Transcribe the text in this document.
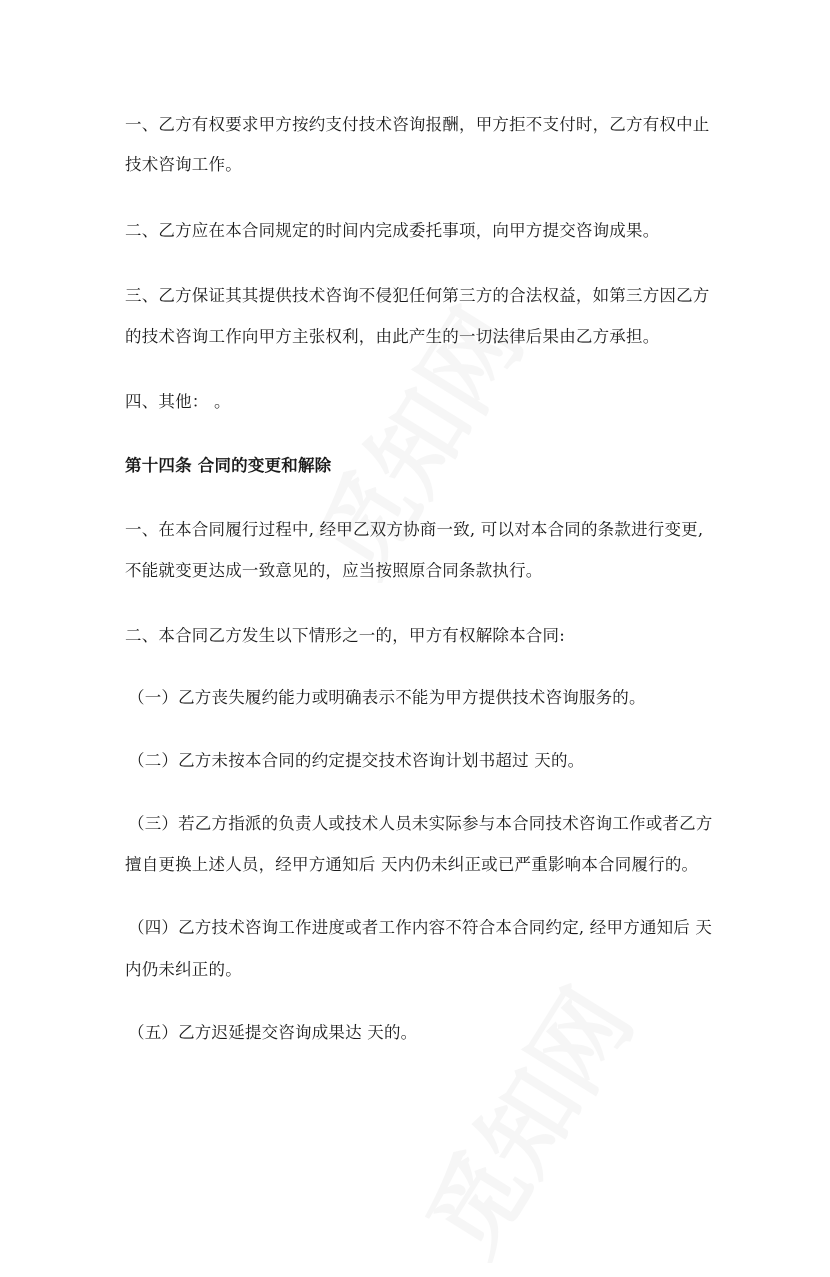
一、乙方有权要求甲方按约支付技术咨询报酬，甲方拒不支付时，乙方有权中止
技术咨询工作。
二、乙方应在本合同规定的时间内完成委托事项，向甲方提交咨询成果。
三、乙方保证其其提供技术咨询不侵犯任何第三方的合法权益，如第三方因乙方
的技术咨询工作向甲方主张权利，由此产生的一切法律后果由乙方承担。
四、其他： 。
第十四条 合同的变更和解除
一、在本合同履行过程中, 经甲乙双方协商一致, 可以对本合同的条款进行变更,
不能就变更达成一致意见的，应当按照原合同条款执行。
二、本合同乙方发生以下情形之一的，甲方有权解除本合同:
（一）乙方丧失履约能力或明确表示不能为甲方提供技术咨询服务的。
（二）乙方未按本合同的约定提交技术咨询计划书超过 天的。
（三）若乙方指派的负责人或技术人员未实际参与本合同技术咨询工作或者乙方
擅自更换上述人员，经甲方通知后 天内仍未纠正或已严重影响本合同履行的。
（四）乙方技术咨询工作进度或者工作内容不符合本合同约定, 经甲方通知后 天
内仍未纠正的。
（五）乙方迟延提交咨询成果达 天的。
